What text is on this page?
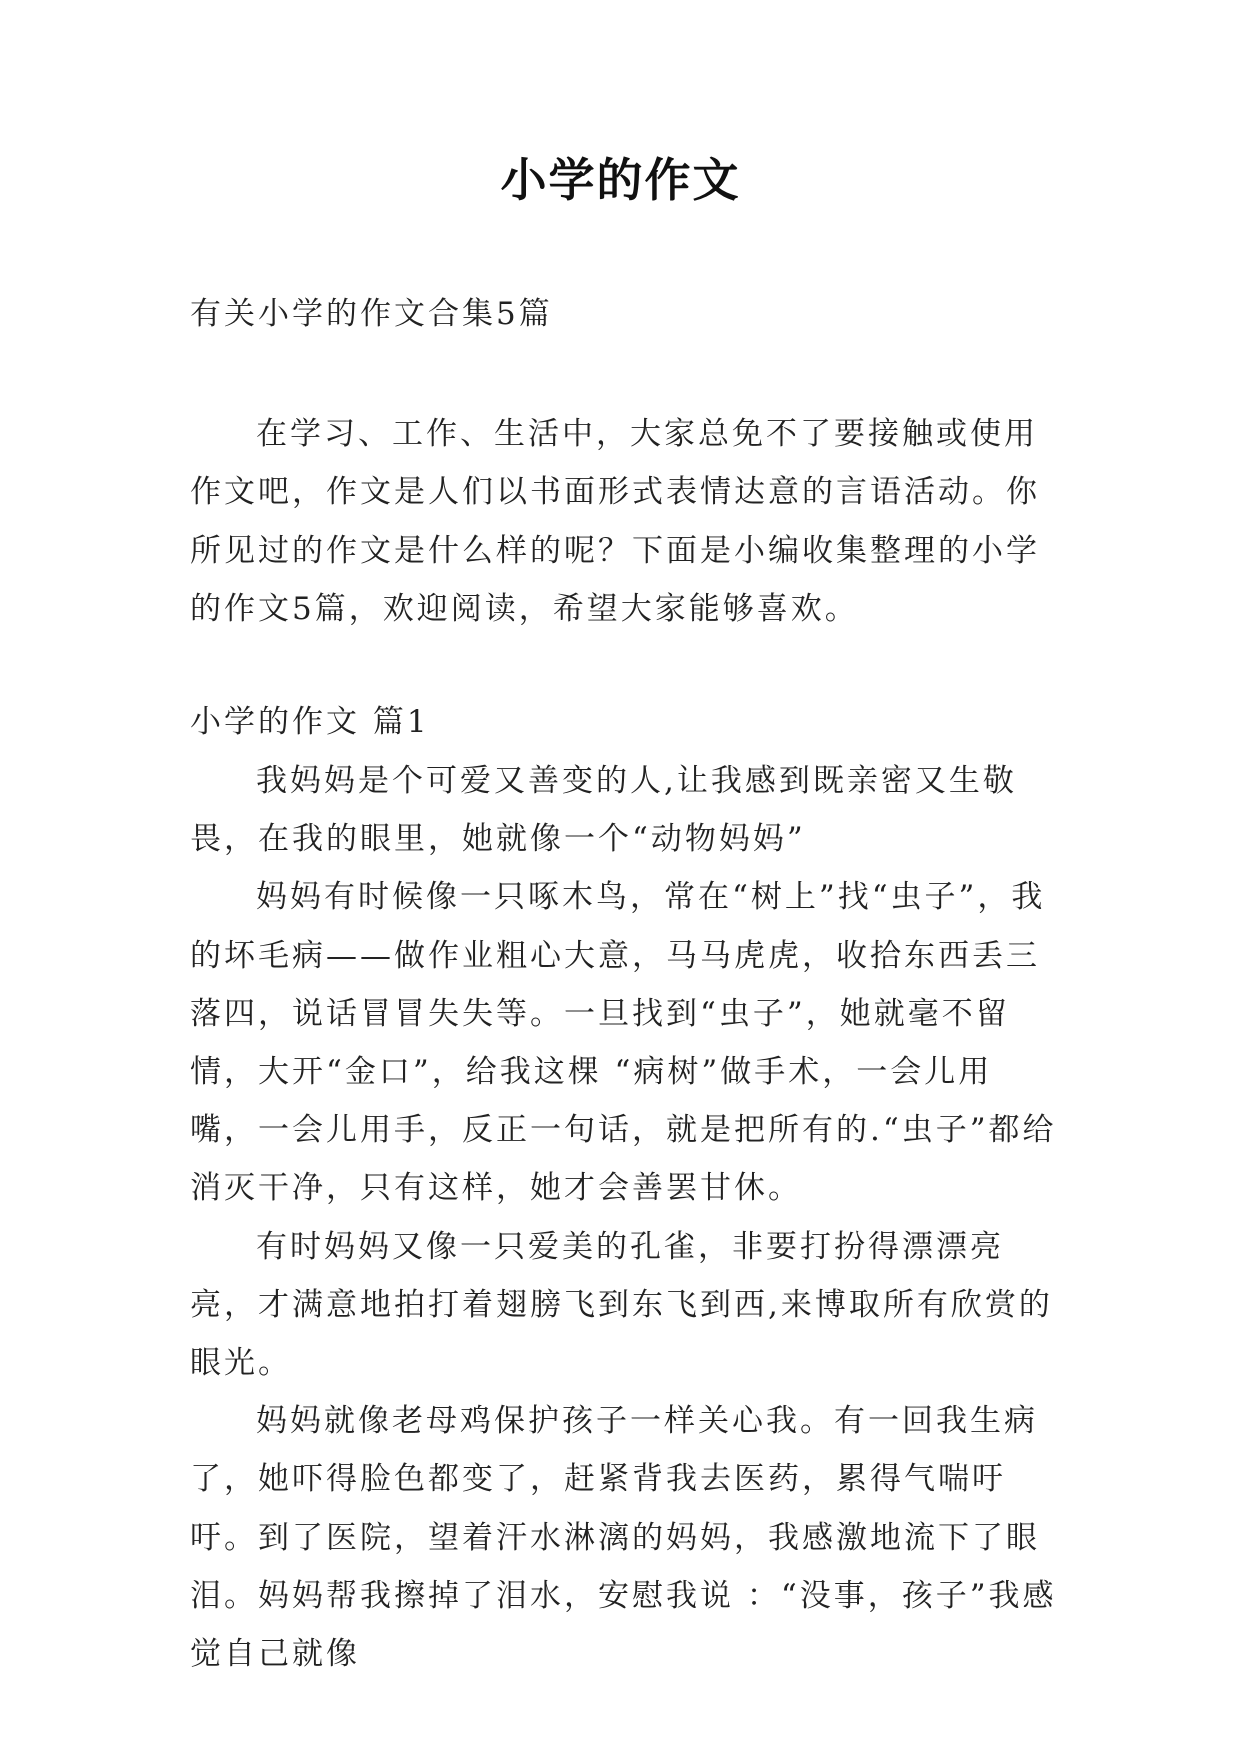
小学的作文
有关小学的作文合集5篇

在学习、工作、生活中，大家总免不了要接触或使用作文吧，作文是人们以书面形式表情达意的言语活动。你所见过的作文是什么样的呢？下面是小编收集整理的小学的作文5篇，欢迎阅读，希望大家能够喜欢。

小学的作文 篇1

我妈妈是个可爱又善变的人,让我感到既亲密又生敬畏，在我的眼里，她就像一个“动物妈妈”

妈妈有时候像一只啄木鸟，常在“树上”找“虫子”，我的坏毛病——做作业粗心大意，马马虎虎，收拾东西丢三落四，说话冒冒失失等。一旦找到“虫子”，她就毫不留情，大开“金口”，给我这棵 “病树”做手术，一会儿用嘴，一会儿用手，反正一句话，就是把所有的.“虫子”都给消灭干净，只有这样，她才会善罢甘休。

有时妈妈又像一只爱美的孔雀，非要打扮得漂漂亮亮，才满意地拍打着翅膀飞到东飞到西,来博取所有欣赏的眼光。

妈妈就像老母鸡保护孩子一样关心我。有一回我生病了，她吓得脸色都变了，赶紧背我去医药，累得气喘吁吁。到了医院，望着汗水淋漓的妈妈，我感激地流下了眼泪。妈妈帮我擦掉了泪水，安慰我说 ：“没事，孩子”我感觉自己就像
